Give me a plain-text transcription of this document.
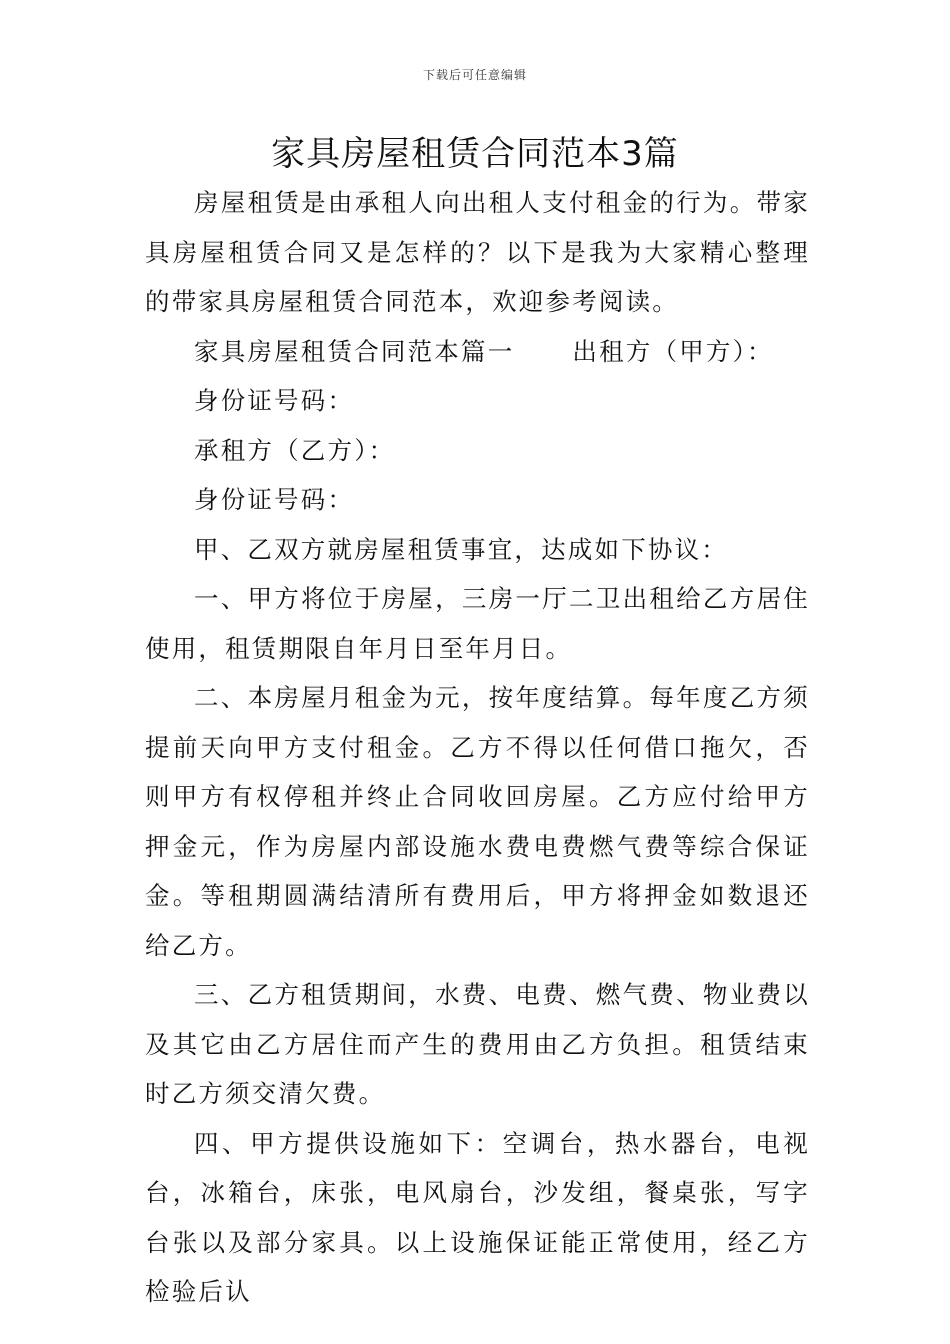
下载后可任意编辑
家具房屋租赁合同范本3篇

房屋租赁是由承租人向出租人支付租金的行为。带家具房屋租赁合同又是怎样的？以下是我为大家精心整理的带家具房屋租赁合同范本，欢迎参考阅读。

家具房屋租赁合同范本篇一 出租方（甲方）：

身份证号码：

承租方（乙方）：

身份证号码：

甲、乙双方就房屋租赁事宜，达成如下协议：

一、甲方将位于房屋，三房一厅二卫出租给乙方居住使用，租赁期限自年月日至年月日。

二、本房屋月租金为元，按年度结算。每年度乙方须提前天向甲方支付租金。乙方不得以任何借口拖欠，否则甲方有权停租并终止合同收回房屋。乙方应付给甲方押金元，作为房屋内部设施水费电费燃气费等综合保证金。等租期圆满结清所有费用后，甲方将押金如数退还给乙方。

三、乙方租赁期间，水费、电费、燃气费、物业费以及其它由乙方居住而产生的费用由乙方负担。租赁结束时乙方须交清欠费。

四、甲方提供设施如下：空调台，热水器台，电视台，冰箱台，床张，电风扇台，沙发组，餐桌张，写字台张以及部分家具。以上设施保证能正常使用，经乙方检验后认
